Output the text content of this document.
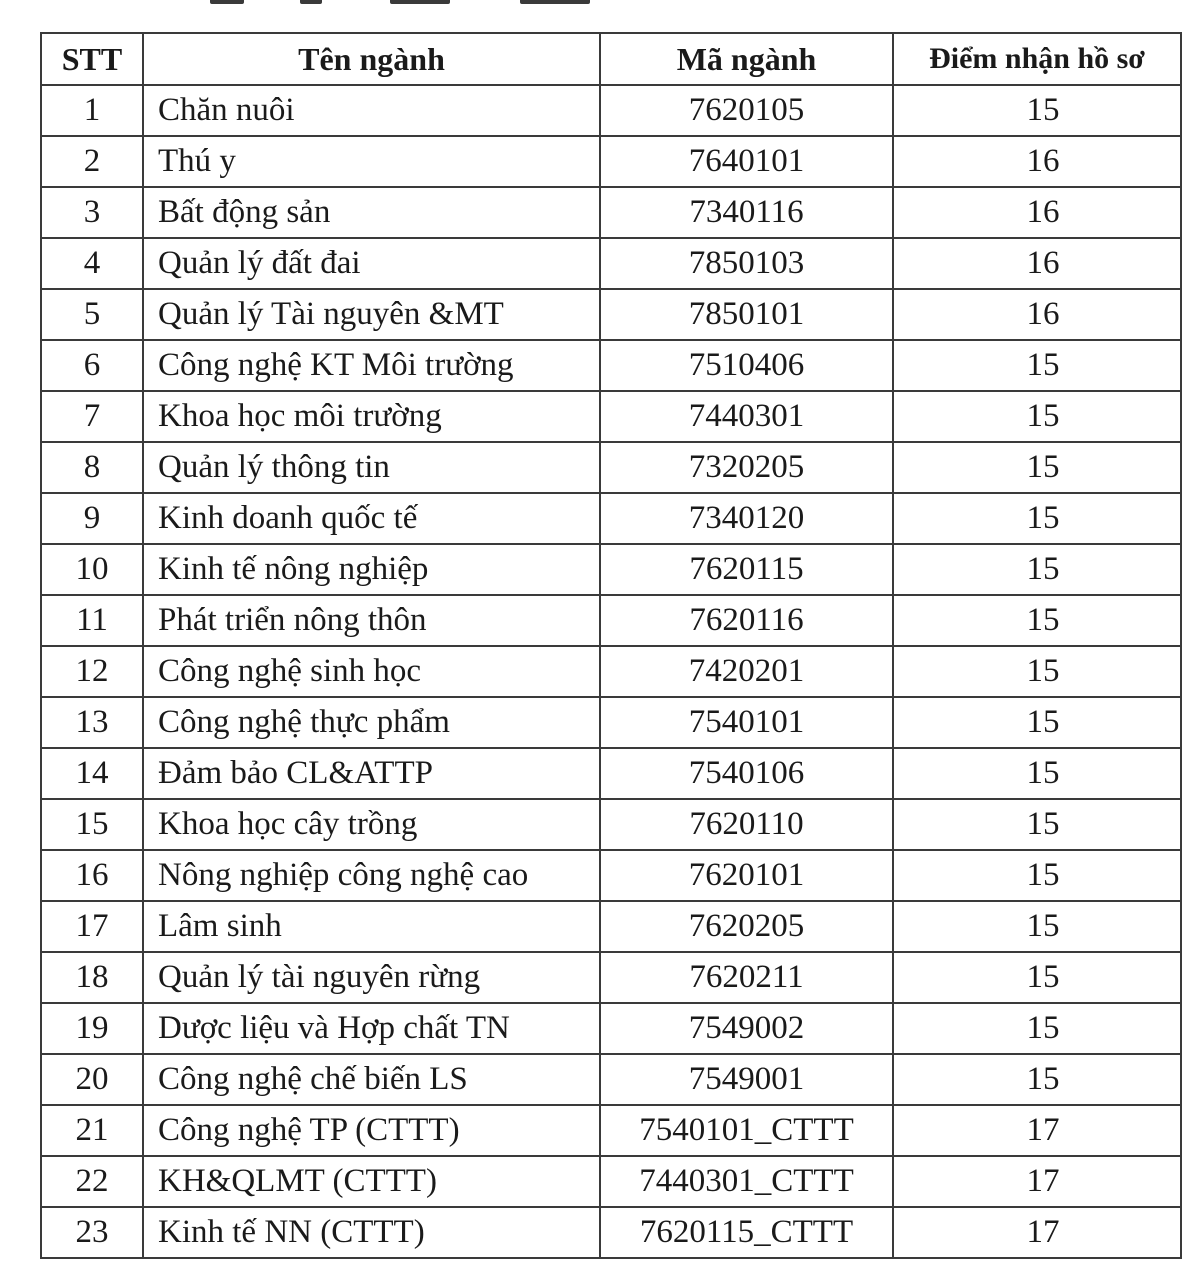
STT	Tên ngành	Mã ngành	Điểm nhận hồ sơ
1	Chăn nuôi	7620105	15
2	Thú y	7640101	16
3	Bất động sản	7340116	16
4	Quản lý đất đai	7850103	16
5	Quản lý Tài nguyên &MT	7850101	16
6	Công nghệ KT Môi trường	7510406	15
7	Khoa học môi trường	7440301	15
8	Quản lý thông tin	7320205	15
9	Kinh doanh quốc tế	7340120	15
10	Kinh tế nông nghiệp	7620115	15
11	Phát triển nông thôn	7620116	15
12	Công nghệ sinh học	7420201	15
13	Công nghệ thực phẩm	7540101	15
14	Đảm bảo CL&ATTP	7540106	15
15	Khoa học cây trồng	7620110	15
16	Nông nghiệp công nghệ cao	7620101	15
17	Lâm sinh	7620205	15
18	Quản lý tài nguyên rừng	7620211	15
19	Dược liệu và Hợp chất TN	7549002	15
20	Công nghệ chế biến LS	7549001	15
21	Công nghệ TP (CTTT)	7540101_CTTT	17
22	KH&QLMT (CTTT)	7440301_CTTT	17
23	Kinh tế NN (CTTT)	7620115_CTTT	17
